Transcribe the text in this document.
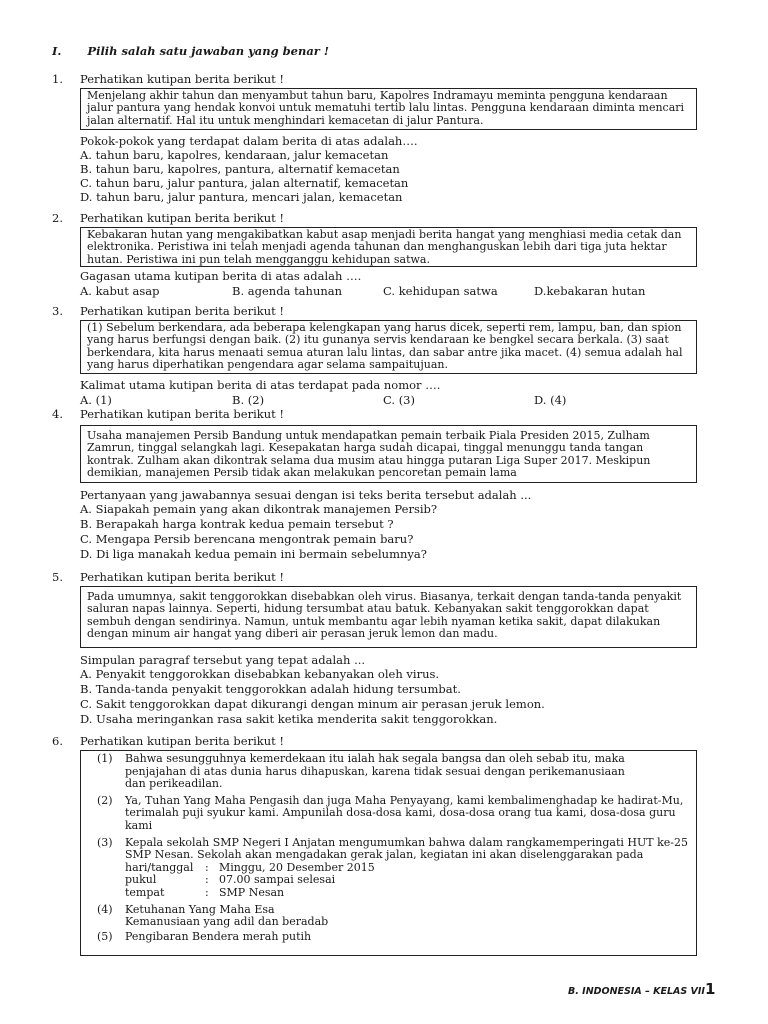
I. Pilih salah satu jawaban yang benar !
1. Perhatikan kutipan berita berikut !

Menjelang akhir tahun dan menyambut tahun baru, Kapolres Indramayu meminta pengguna kendaraan jalur pantura yang hendak konvoi untuk mematuhi tertib lalu lintas. Pengguna kendaraan diminta mencari jalan alternatif. Hal itu untuk menghindari kemacetan di jalur Pantura.

Pokok-pokok yang terdapat dalam berita di atas adalah….
A. tahun baru, kapolres, kendaraan, jalur kemacetan
B. tahun baru, kapolres, pantura, alternatif kemacetan
C. tahun baru, jalur pantura, jalan alternatif, kemacetan
D. tahun baru, jalur pantura, mencari jalan, kemacetan
2. Perhatikan kutipan berita berikut !

Kebakaran hutan yang mengakibatkan kabut asap menjadi berita hangat yang menghiasi media cetak dan elektronika. Peristiwa ini telah menjadi agenda tahunan dan menghanguskan lebih dari tiga juta hektar hutan. Peristiwa ini pun telah mengganggu kehidupan satwa.

Gagasan utama kutipan berita di atas adalah ….
A. kabut asap	B. agenda tahunan	C. kehidupan satwa	D.kebakaran hutan
3. Perhatikan kutipan berita berikut !

(1) Sebelum berkendara, ada beberapa kelengkapan yang harus dicek, seperti rem, lampu, ban, dan spion yang harus berfungsi dengan baik. (2) itu gunanya servis kendaraan ke bengkel secara berkala. (3) saat berkendara, kita harus menaati semua aturan lalu lintas, dan sabar antre jika macet. (4) semua adalah hal yang harus diperhatikan pengendara agar selama sampaitujuan.

Kalimat utama kutipan berita di atas terdapat pada nomor ….
A. (1)	B. (2)	C. (3)	D. (4)
4. Perhatikan kutipan berita berikut !

Usaha manajemen Persib Bandung untuk mendapatkan pemain terbaik Piala Presiden 2015, Zulham Zamrun, tinggal selangkah lagi. Kesepakatan harga sudah dicapai, tinggal menunggu tanda tangan kontrak. Zulham akan dikontrak selama dua musim atau hingga putaran Liga Super 2017. Meskipun demikian, manajemen Persib tidak akan melakukan pencoretan pemain lama

Pertanyaan yang jawabannya sesuai dengan isi teks berita tersebut adalah ...
A. Siapakah pemain yang akan dikontrak manajemen Persib?
B. Berapakah harga kontrak kedua pemain tersebut ?
C. Mengapa Persib berencana mengontrak pemain baru?
D. Di liga manakah kedua pemain ini bermain sebelumnya?
5. Perhatikan kutipan berita berikut !

Pada umumnya, sakit tenggorokkan disebabkan oleh virus. Biasanya, terkait dengan tanda-tanda penyakit saluran napas lainnya. Seperti, hidung tersumbat atau batuk. Kebanyakan sakit tenggorokkan dapat sembuh dengan sendirinya. Namun, untuk membantu agar lebih nyaman ketika sakit, dapat dilakukan dengan minum air hangat yang diberi air perasan jeruk lemon dan madu.

Simpulan paragraf tersebut yang tepat adalah ...
A. Penyakit tenggorokkan disebabkan kebanyakan oleh virus.
B. Tanda-tanda penyakit tenggorokkan adalah hidung tersumbat.
C. Sakit tenggorokkan dapat dikurangi dengan minum air perasan jeruk lemon.
D. Usaha meringankan rasa sakit ketika menderita sakit tenggorokkan.
6. Perhatikan kutipan berita berikut !
(1) Bahwa sesungguhnya kemerdekaan itu ialah hak segala bangsa dan oleh sebab itu, maka penjajahan di atas dunia harus dihapuskan, karena tidak sesuai dengan perikemanusiaan dan perikeadilan.
(2) Ya, Tuhan Yang Maha Pengasih dan juga Maha Penyayang, kami kembalimenghadap ke hadirat-Mu, terimalah puji syukur kami. Ampunilah dosa-dosa kami, dosa-dosa orang tua kami, dosa-dosa guru kami
(3) Kepala sekolah SMP Negeri I Anjatan mengumumkan bahwa dalam rangkamemperingati HUT ke-25 SMP Nesan. Sekolah akan mengadakan gerak jalan, kegiatan ini akan diselenggarakan pada
hari/tanggal	: Minggu, 20 Desember 2015
pukul	: 07.00 sampai selesai
tempat	: SMP Nesan
(4) Ketuhanan Yang Maha Esa
Kemanusiaan yang adil dan beradab
(5) Pengibaran Bendera merah putih
B. INDONESIA – KELAS VII1
